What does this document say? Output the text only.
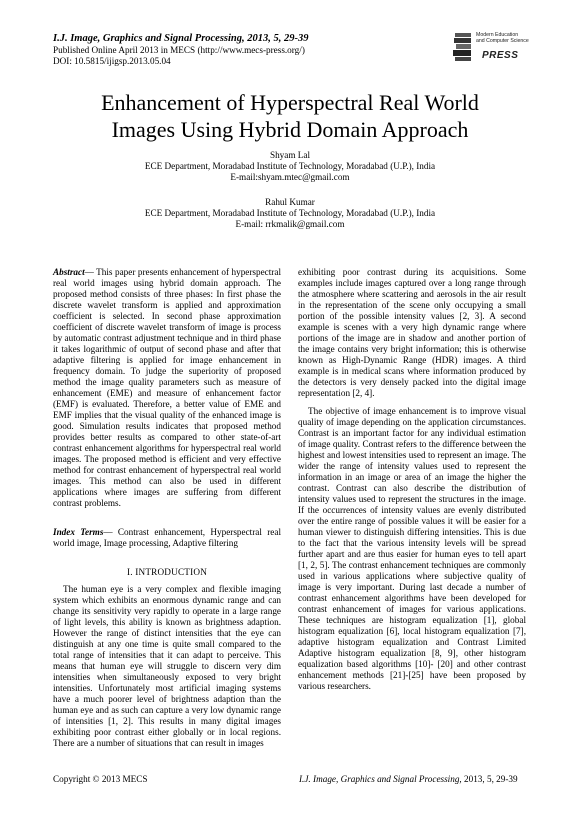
I.J. Image, Graphics and Signal Processing, 2013, 5, 29-39
Published Online April 2013 in MECS (http://www.mecs-press.org/)
DOI: 10.5815/ijigsp.2013.05.04
Modern Education
and Computer Science
PRESS
Enhancement of Hyperspectral Real World
Images Using Hybrid Domain Approach
Shyam Lal
ECE Department, Moradabad Institute of Technology, Moradabad (U.P.), India
E-mail:shyam.mtec@gmail.com
Rahul Kumar
ECE Department, Moradabad Institute of Technology, Moradabad (U.P.), India
E-mail: rrkmalik@gmail.com

Abstract— This paper presents enhancement of hyperspectral real world images using hybrid domain approach. The proposed method consists of three phases: In first phase the discrete wavelet transform is applied and approximation coefficient is selected. In second phase approximation coefficient of discrete wavelet transform of image is process by automatic contrast adjustment technique and in third phase it takes logarithmic of output of second phase and after that adaptive filtering is applied for image enhancement in frequency domain. To judge the superiority of proposed method the image quality parameters such as measure of enhancement (EME) and measure of enhancement factor (EMF) is evaluated. Therefore, a better value of EME and EMF implies that the visual quality of the enhanced image is good. Simulation results indicates that proposed method provides better results as compared to other state-of-art contrast enhancement algorithms for hyperspectral real world images. The proposed method is efficient and very effective method for contrast enhancement of hyperspectral real world images. This method can also be used in different applications where images are suffering from different contrast problems.

Index Terms— Contrast enhancement, Hyperspectral real world image, Image processing, Adaptive filtering

I. INTRODUCTION

The human eye is a very complex and flexible imaging system which exhibits an enormous dynamic range and can change its sensitivity very rapidly to operate in a large range of light levels, this ability is known as brightness adaption. However the range of distinct intensities that the eye can distinguish at any one time is quite small compared to the total range of intensities that it can adapt to perceive. This means that human eye will struggle to discern very dim intensities when simultaneously exposed to very bright intensities. Unfortunately most artificial imaging systems have a much poorer level of brightness adaption than the human eye and as such can capture a very low dynamic range of intensities [1, 2]. This results in many digital images exhibiting poor contrast either globally or in local regions. There are a number of situations that can result in images

exhibiting poor contrast during its acquisitions. Some examples include images captured over a long range through the atmosphere where scattering and aerosols in the air result in the representation of the scene only occupying a small portion of the possible intensity values [2, 3]. A second example is scenes with a very high dynamic range where portions of the image are in shadow and another portion of the image contains very bright information; this is otherwise known as High-Dynamic Range (HDR) images. A third example is in medical scans where information produced by the detectors is very densely packed into the digital image representation [2, 4].

The objective of image enhancement is to improve visual quality of image depending on the application circumstances. Contrast is an important factor for any individual estimation of image quality. Contrast refers to the difference between the highest and lowest intensities used to represent an image. The wider the range of intensity values used to represent the information in an image or area of an image the higher the contrast. Contrast can also describe the distribution of intensity values used to represent the structures in the image. If the occurrences of intensity values are evenly distributed over the entire range of possible values it will be easier for a human viewer to distinguish differing intensities. This is due to the fact that the various intensity levels will be spread further apart and are thus easier for human eyes to tell apart [1, 2, 5]. The contrast enhancement techniques are commonly used in various applications where subjective quality of image is very important. During last decade a number of contrast enhancement algorithms have been developed for contrast enhancement of images for various applications. These techniques are histogram equalization [1], global histogram equalization [6], local histogram equalization [7], adaptive histogram equalization and Contrast Limited Adaptive histogram equalization [8, 9], other histogram equalization based algorithms [10]- [20] and other contrast enhancement methods [21]-[25] have been proposed by various researchers.

Copyright © 2013 MECS	I.J. Image, Graphics and Signal Processing, 2013, 5, 29-39
